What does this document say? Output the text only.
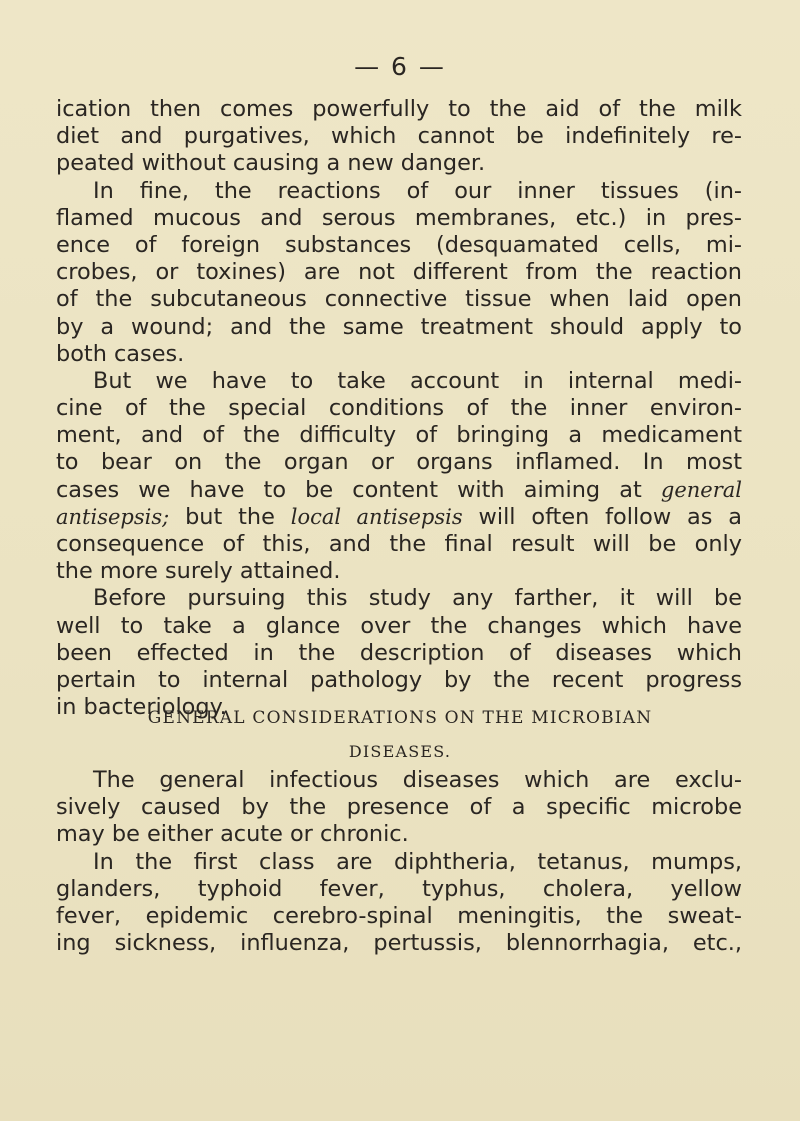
— 6 —
ication then comes powerfully to the aid of the milk
diet and purgatives, which cannot be indefinitely re-
peated without causing a new danger.
In fine, the reactions of our inner tissues (in-
flamed mucous and serous membranes, etc.) in pres-
ence of foreign substances (desquamated cells, mi-
crobes, or toxines) are not different from the reaction
of the subcutaneous connective tissue when laid open
by a wound; and the same treatment should apply to
both cases.
But we have to take account in internal medi-
cine of the special conditions of the inner environ-
ment, and of the difficulty of bringing a medicament
to bear on the organ or organs inflamed. In most
cases we have to be content with aiming at general
antisepsis; but the local antisepsis will often follow as a
consequence of this, and the final result will be only
the more surely attained.
Before pursuing this study any farther, it will be
well to take a glance over the changes which have
been effected in the description of diseases which
pertain to internal pathology by the recent progress
in bacteriology.
GENERAL CONSIDERATIONS ON THE MICROBIAN
DISEASES.
The general infectious diseases which are exclu-
sively caused by the presence of a specific microbe
may be either acute or chronic.
In the first class are diphtheria, tetanus, mumps,
glanders, typhoid fever, typhus, cholera, yellow
fever, epidemic cerebro-spinal meningitis, the sweat-
ing sickness, influenza, pertussis, blennorrhagia, etc.,
